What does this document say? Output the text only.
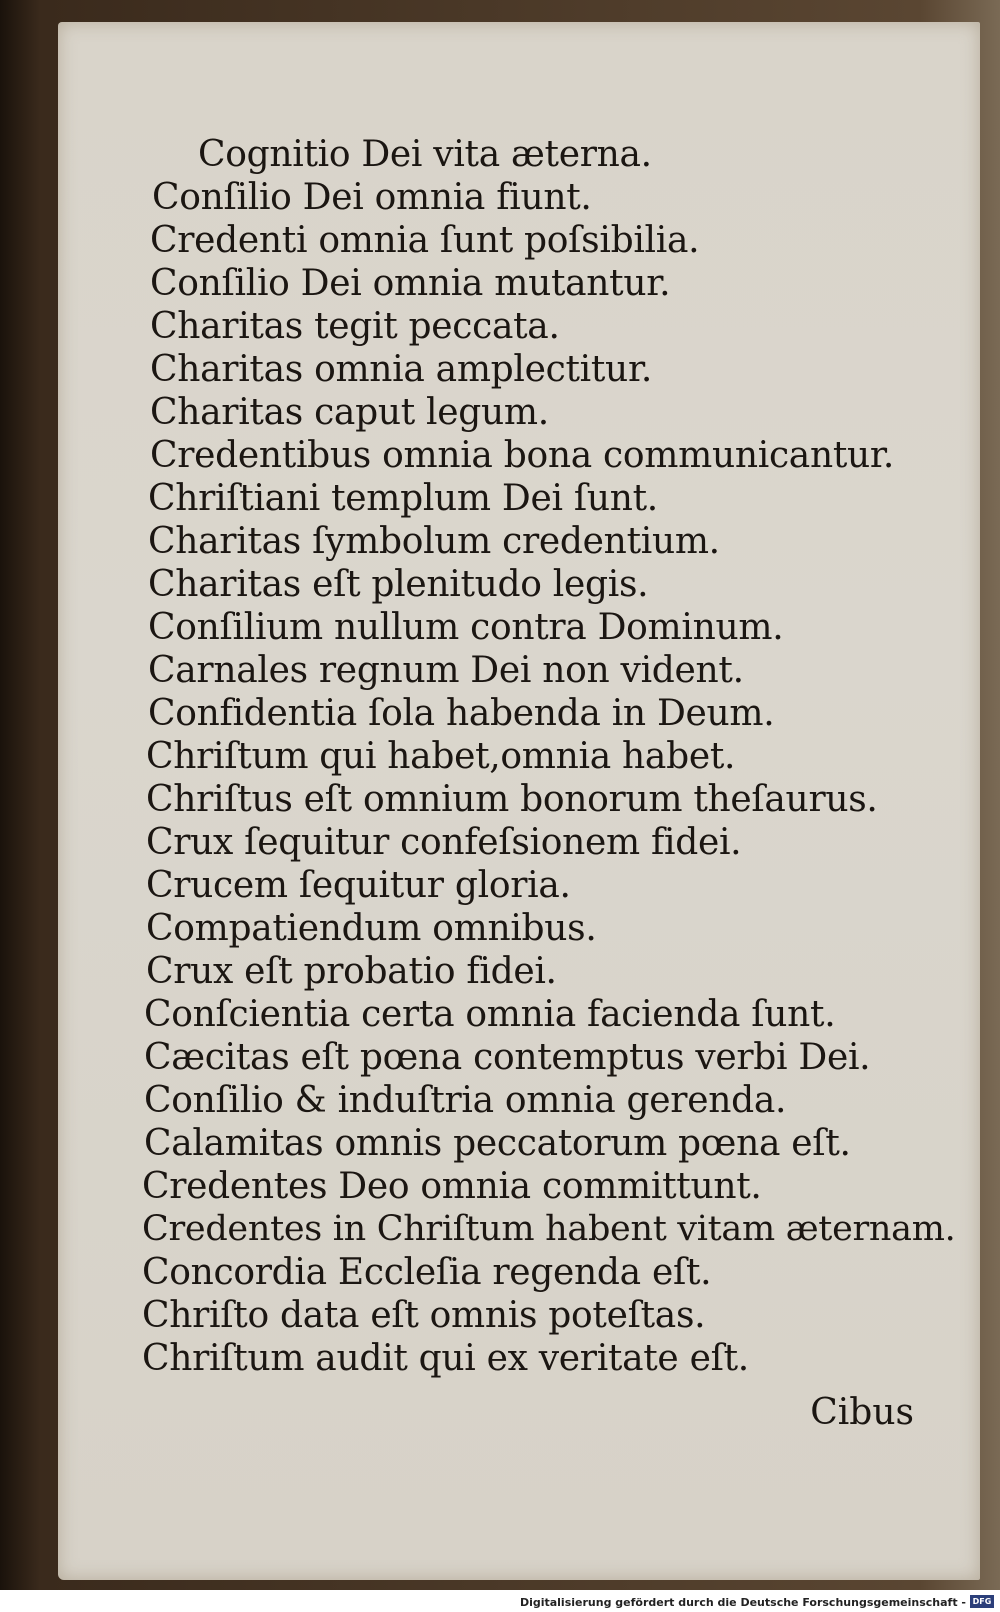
Cognitio Dei vita æterna.
Conſilio Dei omnia fiunt.
Credenti omnia ſunt poſsibilia.
Conſilio Dei omnia mutantur.
Charitas tegit peccata.
Charitas omnia amplectitur.
Charitas caput legum.
Credentibus omnia bona communicantur.
Chriſtiani templum Dei ſunt.
Charitas ſymbolum credentium.
Charitas eſt plenitudo legis.
Conſilium nullum contra Dominum.
Carnales regnum Dei non vident.
Confidentia ſola habenda in Deum.
Chriſtum qui habet,omnia habet.
Chriſtus eſt omnium bonorum theſaurus.
Crux ſequitur confeſsionem fidei.
Crucem ſequitur gloria.
Compatiendum omnibus.
Crux eſt probatio fidei.
Conſcientia certa omnia facienda ſunt.
Cæcitas eſt pœna contemptus verbi Dei.
Conſilio & induſtria omnia gerenda.
Calamitas omnis peccatorum pœna eſt.
Credentes Deo omnia committunt.
Credentes in Chriſtum habent vitam æternam.
Concordia Eccleſia regenda eſt.
Chriſto data eſt omnis poteſtas.
Chriſtum audit qui ex veritate eſt.
Cibus
Digitalisierung gefördert durch die Deutsche Forschungsgemeinschaft - DFG
